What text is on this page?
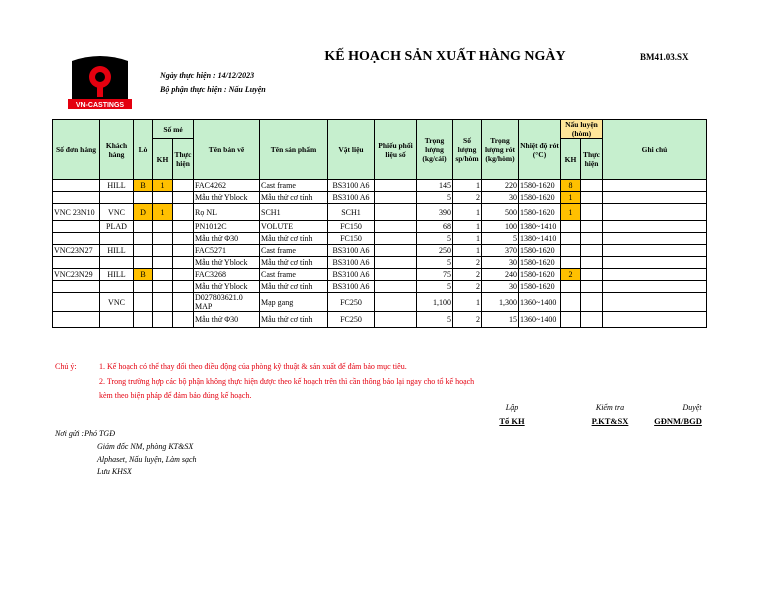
VN-CASTINGS
KẾ HOẠCH SẢN XUẤT HÀNG NGÀY	BM41.03.SX
Ngày thực hiện : 14/12/2023
Bộ phận thực hiện : Nấu Luyện
Số đơn hàng	Khách hàng	Lò	Số mẻ		Tên bản vẽ	Tên sản phẩm	Vật liệu	Phiếu phối liệu số	Trọng lượng (kg/cái)	Số lượng sp/hòm	Trọng lượng rót (kg/hòm)	Nhiệt độ rót (°C)	Nấu luyện (hòm)		Ghi chú
			KH	Thực hiện									KH	Thực hiện	
	HILL	B	1		FAC4262	Cast frame	BS3100 A6		145	1	220	1580-1620	8		
					Mẫu thử Yblock	Mẫu thử cơ tính	BS3100 A6		5	2	30	1580-1620	1		
VNC 23N10	VNC	D	1		Rọ NL	SCH1	SCH1		390	1	500	1580-1620	1		
	PLAD				PN1012C	VOLUTE	FC150		68	1	100	1380~1410			
					Mẫu thử Φ30	Mẫu thử cơ tính	FC150		5	1	5	1380~1410			
VNC23N27	HILL				FAC5271	Cast frame	BS3100 A6		250	1	370	1580-1620			
					Mẫu thử Yblock	Mẫu thử cơ tính	BS3100 A6		5	2	30	1580-1620			
VNC23N29	HILL	B			FAC3268	Cast frame	BS3100 A6		75	2	240	1580-1620	2		
					Mẫu thử Yblock	Mẫu thử cơ tính	BS3100 A6		5	2	30	1580-1620			
	VNC				D027803621.0 MAP	Mạp gang	FC250		1,100	1	1,300	1360~1400			
					Mẫu thử Φ30	Mẫu thử cơ tính	FC250		5	2	15	1360~1400			
Chú ý:	1. Kế hoạch có thể thay đổi theo điều động của phòng kỹ thuật & sản xuất để đảm bảo mục tiêu.
2. Trong trường hợp các bộ phận không thực hiện được theo kế hoạch trên thì cần thông báo lại ngay cho tổ kế hoạch
kèm theo biện pháp để đảm bảo đúng kế hoạch.
Lập	Kiểm tra	Duyệt
Tổ KH	P.KT&SX	GĐNM/BGD
Nơi gửi :Phó TGĐ
Giám đốc NM, phòng KT&SX
Alphaset, Nấu luyện, Làm sạch
Lưu KHSX
